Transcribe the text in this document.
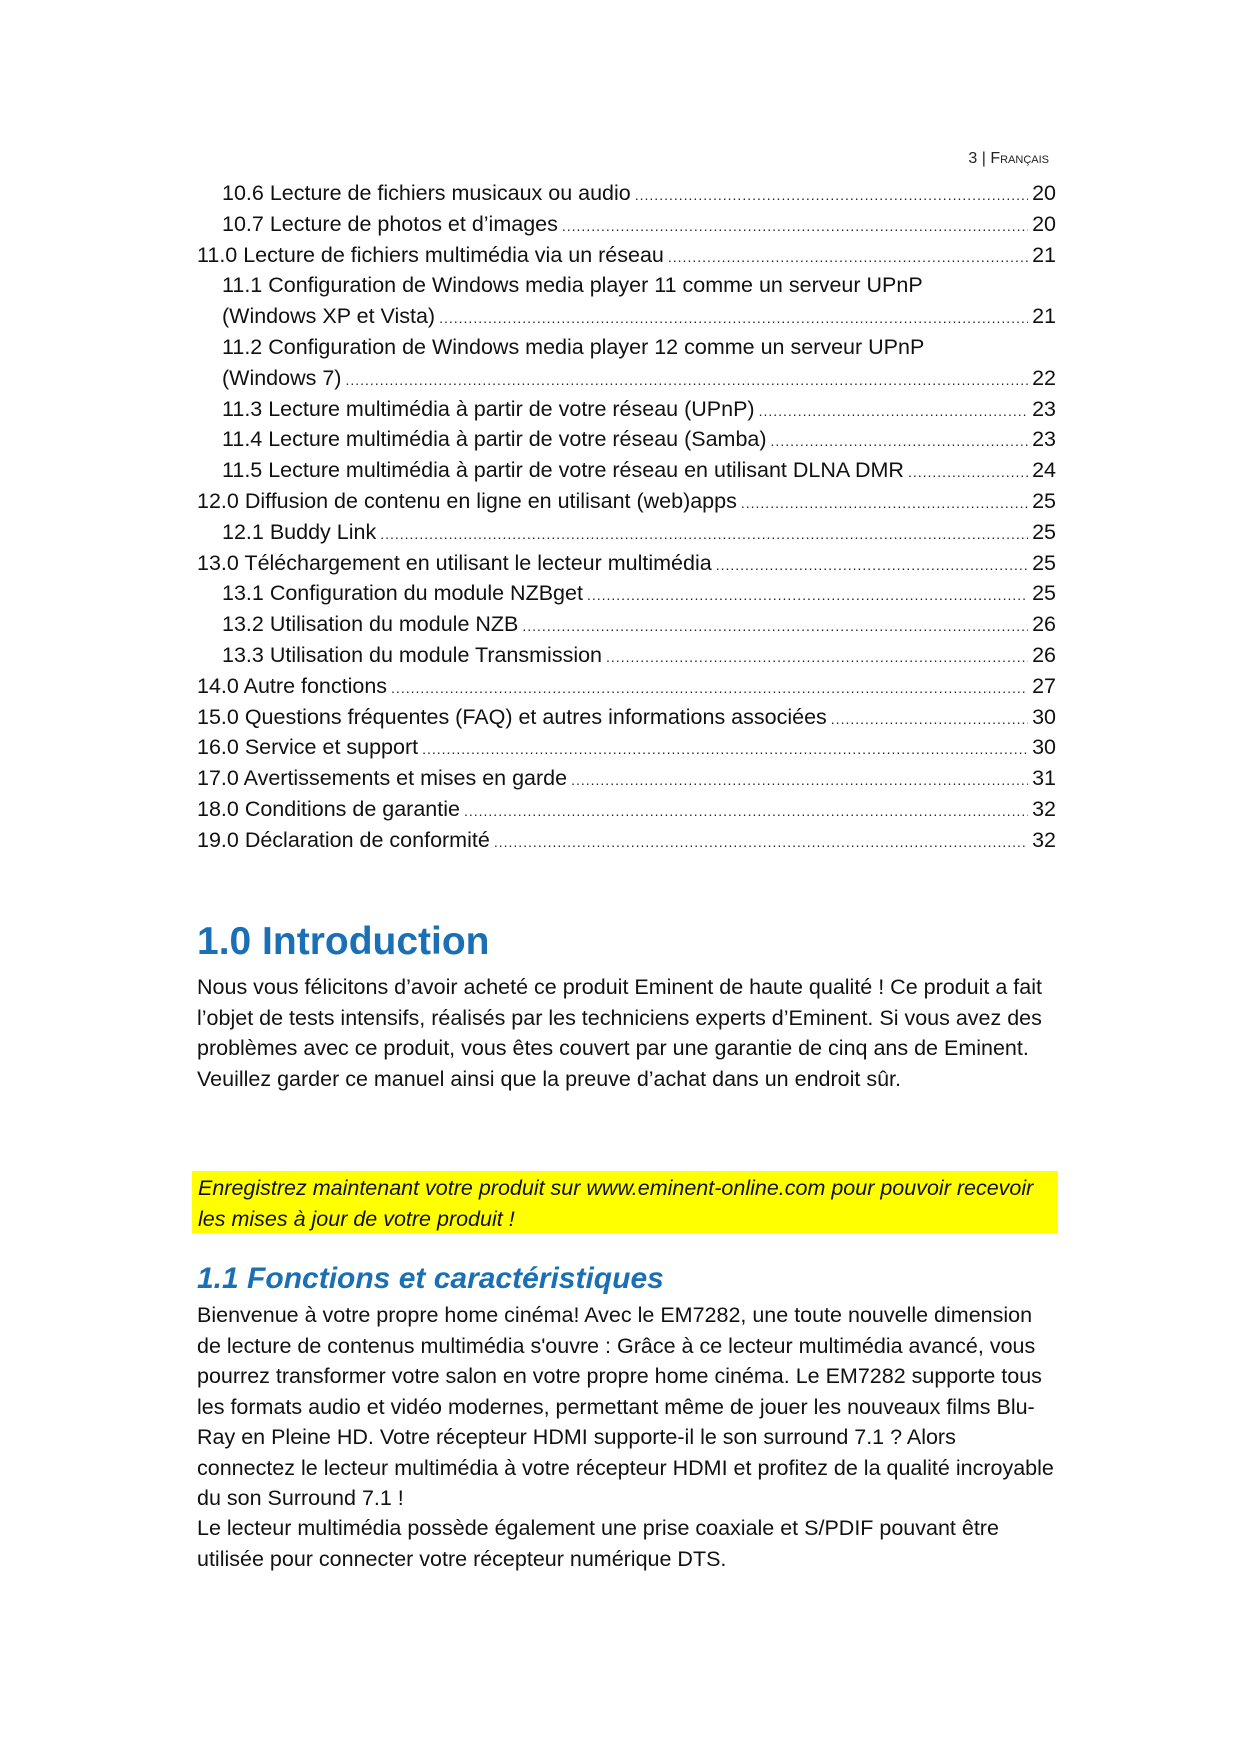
3 | Français
10.6 Lecture de fichiers musicaux ou audio .....	20
10.7 Lecture de photos et d’images .....	20
11.0 Lecture de fichiers multimédia via un réseau .....	21
11.1 Configuration de Windows media player 11 comme un serveur UPnP
(Windows XP et Vista) .....	21
11.2 Configuration de Windows media player 12 comme un serveur UPnP
(Windows 7) .....	22
11.3 Lecture multimédia à partir de votre réseau (UPnP) .....	23
11.4 Lecture multimédia à partir de votre réseau (Samba) .....	23
11.5 Lecture multimédia à partir de votre réseau en utilisant DLNA DMR .....	24
12.0 Diffusion de contenu en ligne en utilisant (web)apps .....	25
12.1 Buddy Link .....	25
13.0 Téléchargement en utilisant le lecteur multimédia .....	25
13.1 Configuration du module NZBget .....	25
13.2 Utilisation du module NZB .....	26
13.3 Utilisation du module Transmission .....	26
14.0 Autre fonctions .....	27
15.0 Questions fréquentes (FAQ) et autres informations associées .....	30
16.0 Service et support .....	30
17.0 Avertissements et mises en garde .....	31
18.0 Conditions de garantie .....	32
19.0 Déclaration de conformité .....	32
1.0 Introduction

Nous vous félicitons d’avoir acheté ce produit Eminent de haute qualité ! Ce produit a fait l’objet de tests intensifs, réalisés par les techniciens experts d’Eminent. Si vous avez des problèmes avec ce produit, vous êtes couvert par une garantie de cinq ans de Eminent. Veuillez garder ce manuel ainsi que la preuve d’achat dans un endroit sûr.

Enregistrez maintenant votre produit sur www.eminent-online.com pour pouvoir recevoir les mises à jour de votre produit !
1.1 Fonctions et caractéristiques

Bienvenue à votre propre home cinéma! Avec le EM7282, une toute nouvelle dimension de lecture de contenus multimédia s'ouvre : Grâce à ce lecteur multimédia avancé, vous pourrez transformer votre salon en votre propre home cinéma. Le EM7282 supporte tous les formats audio et vidéo modernes, permettant même de jouer les nouveaux films Blu-Ray en Pleine HD. Votre récepteur HDMI supporte-il le son surround 7.1 ? Alors connectez le lecteur multimédia à votre récepteur HDMI et profitez de la qualité incroyable du son Surround 7.1 !

Le lecteur multimédia possède également une prise coaxiale et S/PDIF pouvant être utilisée pour connecter votre récepteur numérique DTS.
